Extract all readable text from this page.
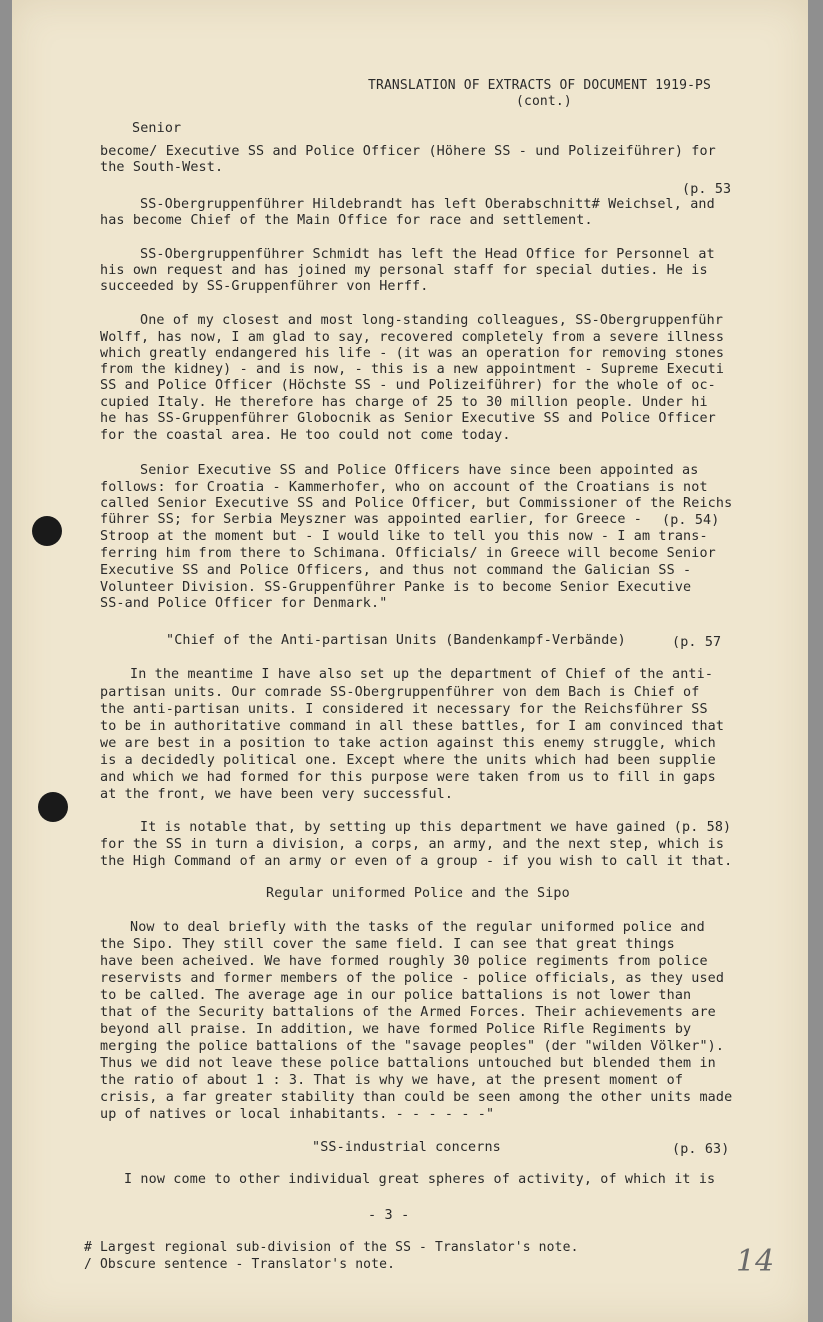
TRANSLATION OF EXTRACTS OF DOCUMENT 1919-PS
(cont.)
Senior
become/ Executive SS and Police Officer (Höhere SS - und Polizeiführer) for
the South-West.
(p. 53
SS-Obergruppenführer Hildebrandt has left Oberabschnitt# Weichsel, and
has become Chief of the Main Office for race and settlement.
SS-Obergruppenführer Schmidt has left the Head Office for Personnel at
his own request and has joined my personal staff for special duties. He is
succeeded by SS-Gruppenführer von Herff.
One of my closest and most long-standing colleagues, SS-Obergruppenführ
Wolff, has now, I am glad to say, recovered completely from a severe illness
which greatly endangered his life - (it was an operation for removing stones
from the kidney) - and is now, - this is a new appointment - Supreme Executi
SS and Police Officer (Höchste SS - und Polizeiführer) for the whole of oc-
cupied Italy. He therefore has charge of 25 to 30 million people. Under hi
he has SS-Gruppenführer Globocnik as Senior Executive SS and Police Officer
for the coastal area. He too could not come today.
Senior Executive SS and Police Officers have since been appointed as
follows: for Croatia - Kammerhofer, who on account of the Croatians is not
called Senior Executive SS and Police Officer, but Commissioner of the Reichs
führer SS; for Serbia Meyszner was appointed earlier, for Greece - (p. 54)
Stroop at the moment but - I would like to tell you this now - I am trans-
ferring him from there to Schimana. Officials/ in Greece will become Senior
Executive SS and Police Officers, and thus not command the Galician SS -
Volunteer Division. SS-Gruppenführer Panke is to become Senior Executive
SS-and Police Officer for Denmark."
"Chief of the Anti-partisan Units (Bandenkampf-Verbände)	(p. 57
In the meantime I have also set up the department of Chief of the anti-
partisan units. Our comrade SS-Obergruppenführer von dem Bach is Chief of
the anti-partisan units. I considered it necessary for the Reichsführer SS
to be in authoritative command in all these battles, for I am convinced that
we are best in a position to take action against this enemy struggle, which
is a decidedly political one. Except where the units which had been supplie
and which we had formed for this purpose were taken from us to fill in gaps
at the front, we have been very successful.
It is notable that, by setting up this department we have gained (p. 58)
for the SS in turn a division, a corps, an army, and the next step, which is
the High Command of an army or even of a group - if you wish to call it that.
Regular uniformed Police and the Sipo
Now to deal briefly with the tasks of the regular uniformed police and
the Sipo. They still cover the same field. I can see that great things
have been acheived. We have formed roughly 30 police regiments from police
reservists and former members of the police - police officials, as they used
to be called. The average age in our police battalions is not lower than
that of the Security battalions of the Armed Forces. Their achievements are
beyond all praise. In addition, we have formed Police Rifle Regiments by
merging the police battalions of the "savage peoples" (der "wilden Völker").
Thus we did not leave these police battalions untouched but blended them in
the ratio of about 1 : 3. That is why we have, at the present moment of
crisis, a far greater stability than could be seen among the other units made
up of natives or local inhabitants. - - - - - -"
"SS-industrial concerns	(p. 63)
I now come to other individual great spheres of activity, of which it is
- 3 -
# Largest regional sub-division of the SS - Translator's note.
/ Obscure sentence - Translator's note.	14
